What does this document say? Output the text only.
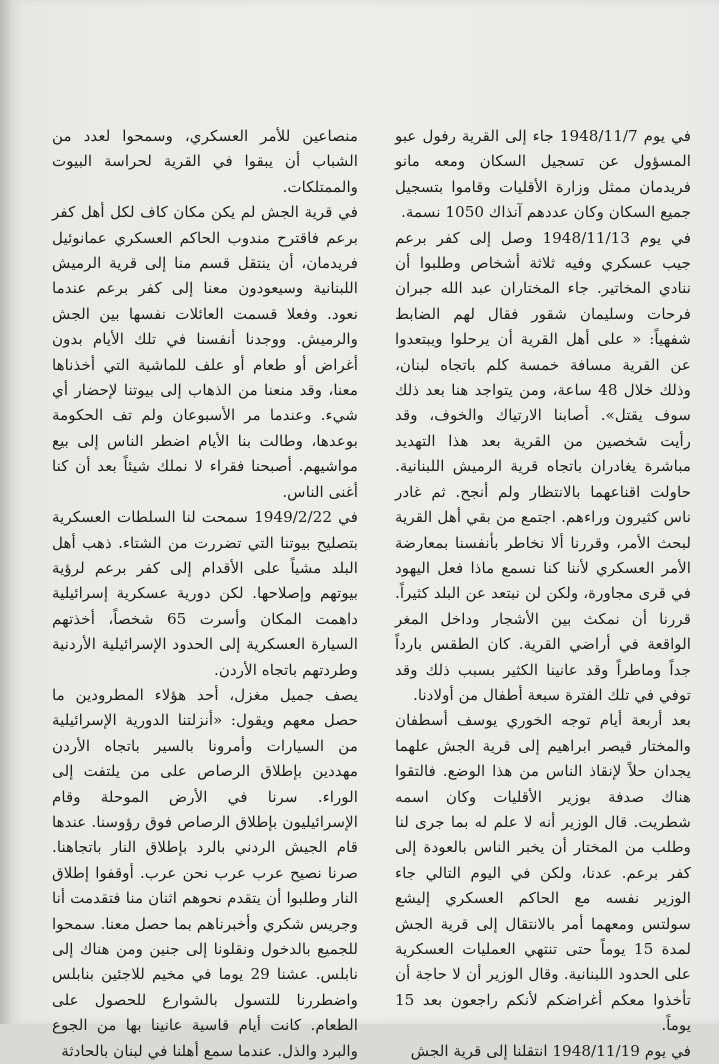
في يوم 1948/11/7 جاء إلى القرية رفول عبو المسؤول عن تسجيل السكان ومعه مانو فريدمان ممثل وزارة الأقليات وقاموا بتسجيل جميع السكان وكان عددهم آنذاك 1050 نسمة.

في يوم 1948/11/13 وصل إلى كفر برعم جيب عسكري وفيه ثلاثة أشخاص وطلبوا أن ننادي المخاتير. جاء المختاران عبد الله جبران فرحات وسليمان شقور فقال لهم الضابط شفهياً: « على أهل القرية أن يرحلوا ويبتعدوا عن القرية مسافة خمسة كلم باتجاه لبنان، وذلك خلال 48 ساعة، ومن يتواجد هنا بعد ذلك سوف يقتل». أصابنا الارتياك والخوف، وقد رأيت شخصين من القرية بعد هذا التهديد مباشرة يغادران باتجاه قرية الرميش اللبنانية. حاولت اقناعهما بالانتظار ولم أنجح. ثم غادر ناس كثيرون وراءهم. اجتمع من بقي أهل القرية لبحث الأمر، وقررنا ألا نخاطر بأنفسنا بمعارضة الأمر العسكري لأننا كنا نسمع ماذا فعل اليهود في قرى مجاورة، ولكن لن نبتعد عن البلد كثيراً. قررنا أن نمكث بين الأشجار وداخل المغر الواقعة في أراضي القرية. كان الطقس بارداً جداً وماطراً وقد عانينا الكثير بسبب ذلك وقد توفي في تلك الفترة سبعة أطفال من أولادنا.

بعد أربعة أيام توجه الخوري يوسف أسطفان والمختار قيصر ابراهيم إلى قرية الجش علهما يجدان حلاً لإنقاذ الناس من هذا الوضع. فالتقوا هناك صدفة بوزير الأقليات وكان اسمه شطريت. قال الوزير أنه لا علم له بما جرى لنا وطلب من المختار أن يخبر الناس بالعودة إلى كفر برعم. عدنا، ولكن في اليوم التالي جاء الوزير نفسه مع الحاكم العسكري إليشع سولتس ومعهما أمر بالانتقال إلى قرية الجش لمدة 15 يوماً حتى تنتهي العمليات العسكرية على الحدود اللبنانية. وقال الوزير أن لا حاجة أن تأخذوا معكم أغراضكم لأنكم راجعون بعد 15 يوماً.

في يوم 1948/11/19 انتقلنا إلى قرية الجش

منصاعين للأمر العسكري، وسمحوا لعدد من الشباب أن يبقوا في القرية لحراسة البيوت والممتلكات.

في قرية الجش لم يكن مكان كاف لكل أهل كفر برعم فاقترح مندوب الحاكم العسكري عمانوئيل فريدمان، أن ينتقل قسم منا إلى قرية الرميش اللبنانية وسيعودون معنا إلى كفر برعم عندما نعود. وفعلا قسمت العائلات نفسها بين الجش والرميش. ووجدنا أنفسنا في تلك الأيام بدون أغراض أو طعام أو علف للماشية التي أخذناها معنا، وقد منعنا من الذهاب إلى بيوتنا لإحضار أي شيء. وعندما مر الأسبوعان ولم تف الحكومة بوعدها، وطالت بنا الأيام اضطر الناس إلى بيع مواشيهم. أصبحنا فقراء لا نملك شيئاً بعد أن كنا أغنى الناس.

في 1949/2/22 سمحت لنا السلطات العسكرية بتصليح بيوتنا التي تضررت من الشتاء. ذهب أهل البلد مشياً على الأقدام إلى كفر برعم لرؤية بيوتهم وإصلاحها. لكن دورية عسكرية إسرائيلية داهمت المكان وأسرت 65 شخصاً، أخذتهم السيارة العسكرية إلى الحدود الإسرائيلية الأردنية وطردتهم باتجاه الأردن.

يصف جميل مغزل، أحد هؤلاء المطرودين ما حصل معهم ويقول: «أنزلتنا الدورية الإسرائيلية من السيارات وأمرونا بالسير باتجاه الأردن مهددين بإطلاق الرصاص على من يلتفت إلى الوراء. سرنا في الأرض الموحلة وقام الإسرائيليون بإطلاق الرصاص فوق رؤوسنا. عندها قام الجيش الردني بالرد بإطلاق النار باتجاهنا. صرنا نصيح عرب عرب نحن عرب. أوقفوا إطلاق النار وطلبوا أن يتقدم نحوهم اثنان منا فتقدمت أنا وجريس شكري وأخبرناهم بما حصل معنا. سمحوا للجميع بالدخول ونقلونا إلى جنين ومن هناك إلى نابلس. عشنا 29 يوما في مخيم للاجئين بنابلس واضطررنا للتسول بالشوارع للحصول على الطعام. كانت أيام قاسية عانينا بها من الجوع والبرد والذل. عندما سمع أهلنا في لبنان بالحادثة
